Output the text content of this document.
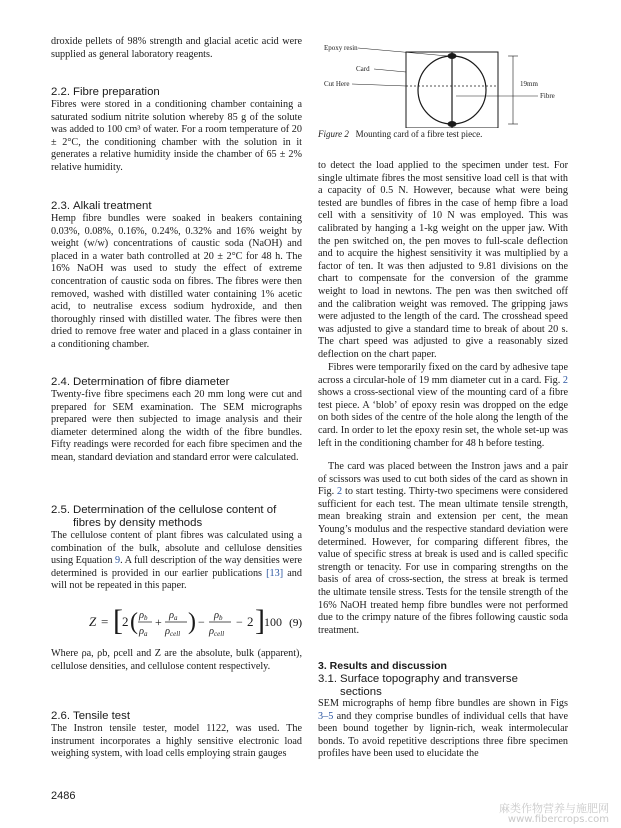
droxide pellets of 98% strength and glacial acetic acid were supplied as general laboratory reagents.

2.2. Fibre preparation

Fibres were stored in a conditioning chamber containing a saturated sodium nitrite solution whereby 85 g of the solute was added to 100 cm³ of water. For a room temperature of 20 ± 2°C, the conditioning chamber with the solution in it generates a relative humidity inside the chamber of 65 ± 2% relative humidity.

2.3. Alkali treatment

Hemp fibre bundles were soaked in beakers containing 0.03%, 0.08%, 0.16%, 0.24%, 0.32% and 16% weight by weight (w/w) concentrations of caustic soda (NaOH) and placed in a water bath controlled at 20 ± 2°C for 48 h. The 16% NaOH was used to study the effect of extreme concentration of caustic soda on fibres. The fibres were then removed, washed with distilled water containing 1% acetic acid, to neutralise excess sodium hydroxide, and then thoroughly rinsed with distilled water. The fibres were then dried to remove free water and placed in a glass container in a conditioning chamber.

2.4. Determination of fibre diameter

Twenty-five fibre specimens each 20 mm long were cut and prepared for SEM examination. The SEM micrographs prepared were then subjected to image analysis and their diameter determined along the width of the fibre bundles. Fifty readings were recorded for each fibre specimen and the mean, standard deviation and standard error were calculated.

2.5. Determination of the cellulose content of
fibres by density methods

The cellulose content of plant fibres was calculated using a combination of the bulk, absolute and cellulose densities using Equation 9. A full description of the way densities were determined is provided in our earlier publications [13] and will not be repeated in this paper.

Z = [ 2 ( ρb
ρa
+ ρa
ρcell ) − ρb
ρcell
− 2 ] 100 (9)

Where ρa, ρb, ρcell and Z are the absolute, bulk (apparent), cellulose densities, and cellulose content respectively.

2.6. Tensile test

The Instron tensile tester, model 1122, was used. The instrument incorporates a highly sensitive electronic load weighing system, with load cells employing strain gauges

Epoxy resin
Card
Cut Here	19mm
Fibre
Figure 2 Mounting card of a fibre test piece.

to detect the load applied to the specimen under test. For single ultimate fibres the most sensitive load cell is that with a capacity of 0.5 N. However, because what were being tested are bundles of fibres in the case of hemp fibre a load cell with a sensitivity of 10 N was employed. This was calibrated by hanging a 1-kg weight on the upper jaw. With the pen switched on, the pen moves to full-scale deflection and to acquire the highest sensitivity it was multiplied by a factor of ten. It was then adjusted to 9.81 divisions on the chart to compensate for the conversion of the gramme weight to load in newtons. The pen was then switched off and the calibration weight was removed. The gripping jaws were adjusted to the length of the card. The crosshead speed was adjusted to give a standard time to break of about 20 s. The chart speed was adjusted to give a reasonably sized deflection on the chart paper.

Fibres were temporarily fixed on the card by adhesive tape across a circular-hole of 19 mm diameter cut in a card. Fig. 2 shows a cross-sectional view of the mounting card of a fibre test piece. A ‘blob’ of epoxy resin was dropped on the edge on both sides of the centre of the hole along the length of the card. In order to let the epoxy resin set, the whole set-up was left in the conditioning chamber for 48 h before testing.

The card was placed between the Instron jaws and a pair of scissors was used to cut both sides of the card as shown in Fig. 2 to start testing. Thirty-two specimens were considered sufficient for each test. The mean ultimate tensile strength, mean breaking strain and extension per cent, the mean Young’s modulus and the respective standard deviation were determined. However, for comparing different fibres, the value of specific stress at break is used and is called specific strength or tenacity. For use in comparing strengths on the basis of area of cross-section, the stress at break is termed the ultimate tensile stress. Tests for the tensile strength of the 16% NaOH treated hemp fibre bundles were not performed due to the crimpy nature of the fibres following caustic soda treatment.

3. Results and discussion

3.1. Surface topography and transverse
sections

SEM micrographs of hemp fibre bundles are shown in Figs 3–5 and they comprise bundles of individual cells that have been bound together by lignin-rich, weak intermolecular bonds. To avoid repetitive descriptions three fibre specimen profiles have been used to elucidate the

2486
麻类作物营养与施肥网
www.fibercrops.com
